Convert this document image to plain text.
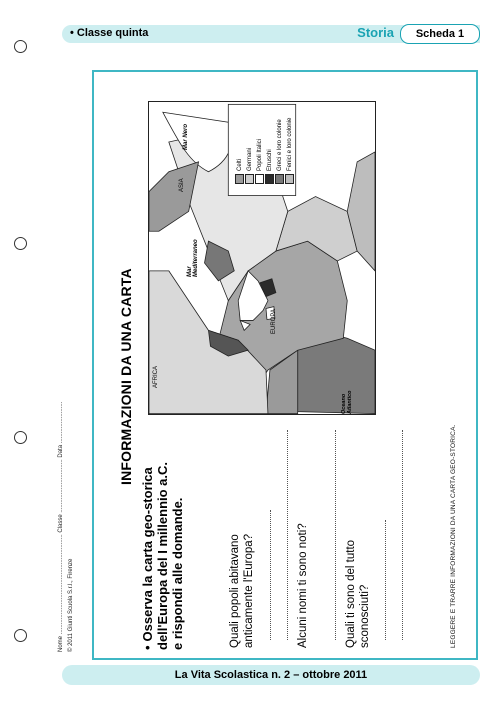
• Classe quinta	Storia	Scheda 1
Nome ............................................................ Classe ................................ Data ......................... © 2011 Giunti Scuola S.r.l., Firenze
INFORMAZIONI DA UNA CARTA
•Osserva la carta geo-storica dell'Europa del I millennio a.C. e rispondi alle domande.	Quali popoli abitavano anticamente l'Europa?	Alcuni nomi ti sono noti?	Quali ti sono del tutto sconosciuti?	LEGGERE E TRARRE INFORMAZIONI DA UNA CARTA GEO-STORICA.
Celti Germani Popoli Italici Etruschi Greci e loro colonie Fenici e loro colonie
Mar Nero
ASIA
EUROPA
Mar Mediterraneo
Oceano Atlantico
AFRICA
La Vita Scolastica n. 2 – ottobre 2011
